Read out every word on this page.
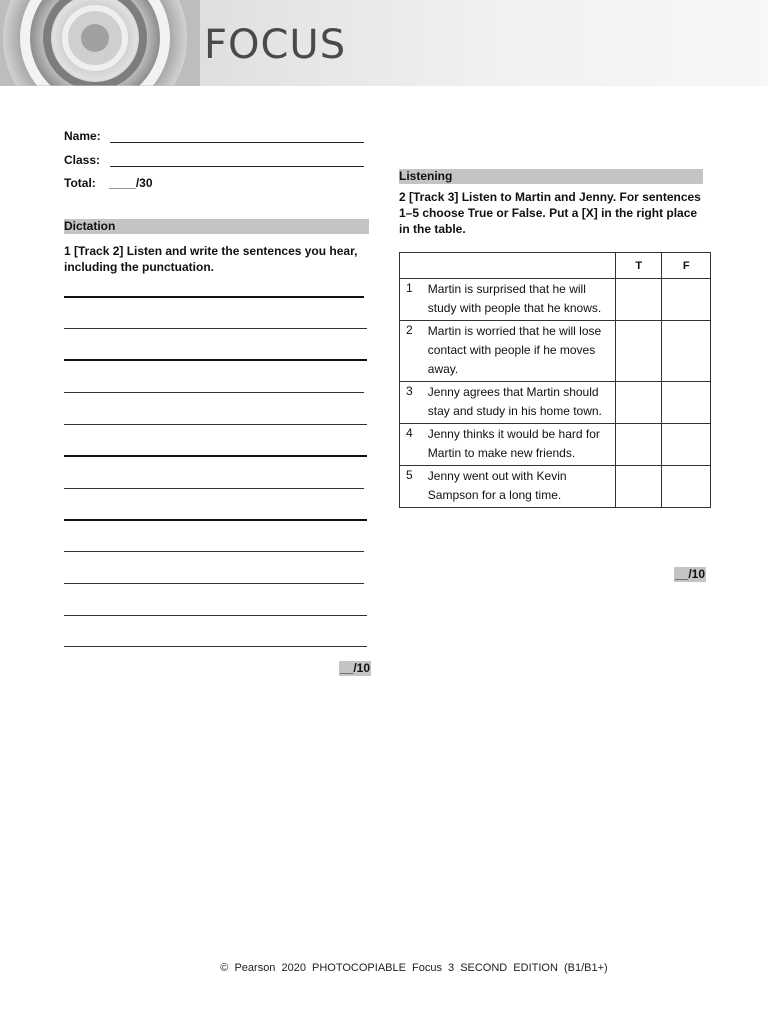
FOCUS
Name:
Class:
Total: ____/30
Dictation
1 [Track 2] Listen and write the sentences you hear, including the punctuation.
__/10
Listening
2 [Track 3] Listen to Martin and Jenny. For sentences 1–5 choose True or False. Put a [X] in the right place in the table.
		T	F
1	Martin is surprised that he will study with people that he knows.		
2	Martin is worried that he will lose contact with people if he moves away.		
3	Jenny agrees that Martin should stay and study in his home town.		
4	Jenny thinks it would be hard for Martin to make new friends.		
5	Jenny went out with Kevin Sampson for a long time.		
__/10
© Pearson 2020 PHOTOCOPIABLE Focus 3 SECOND EDITION (B1/B1+)
